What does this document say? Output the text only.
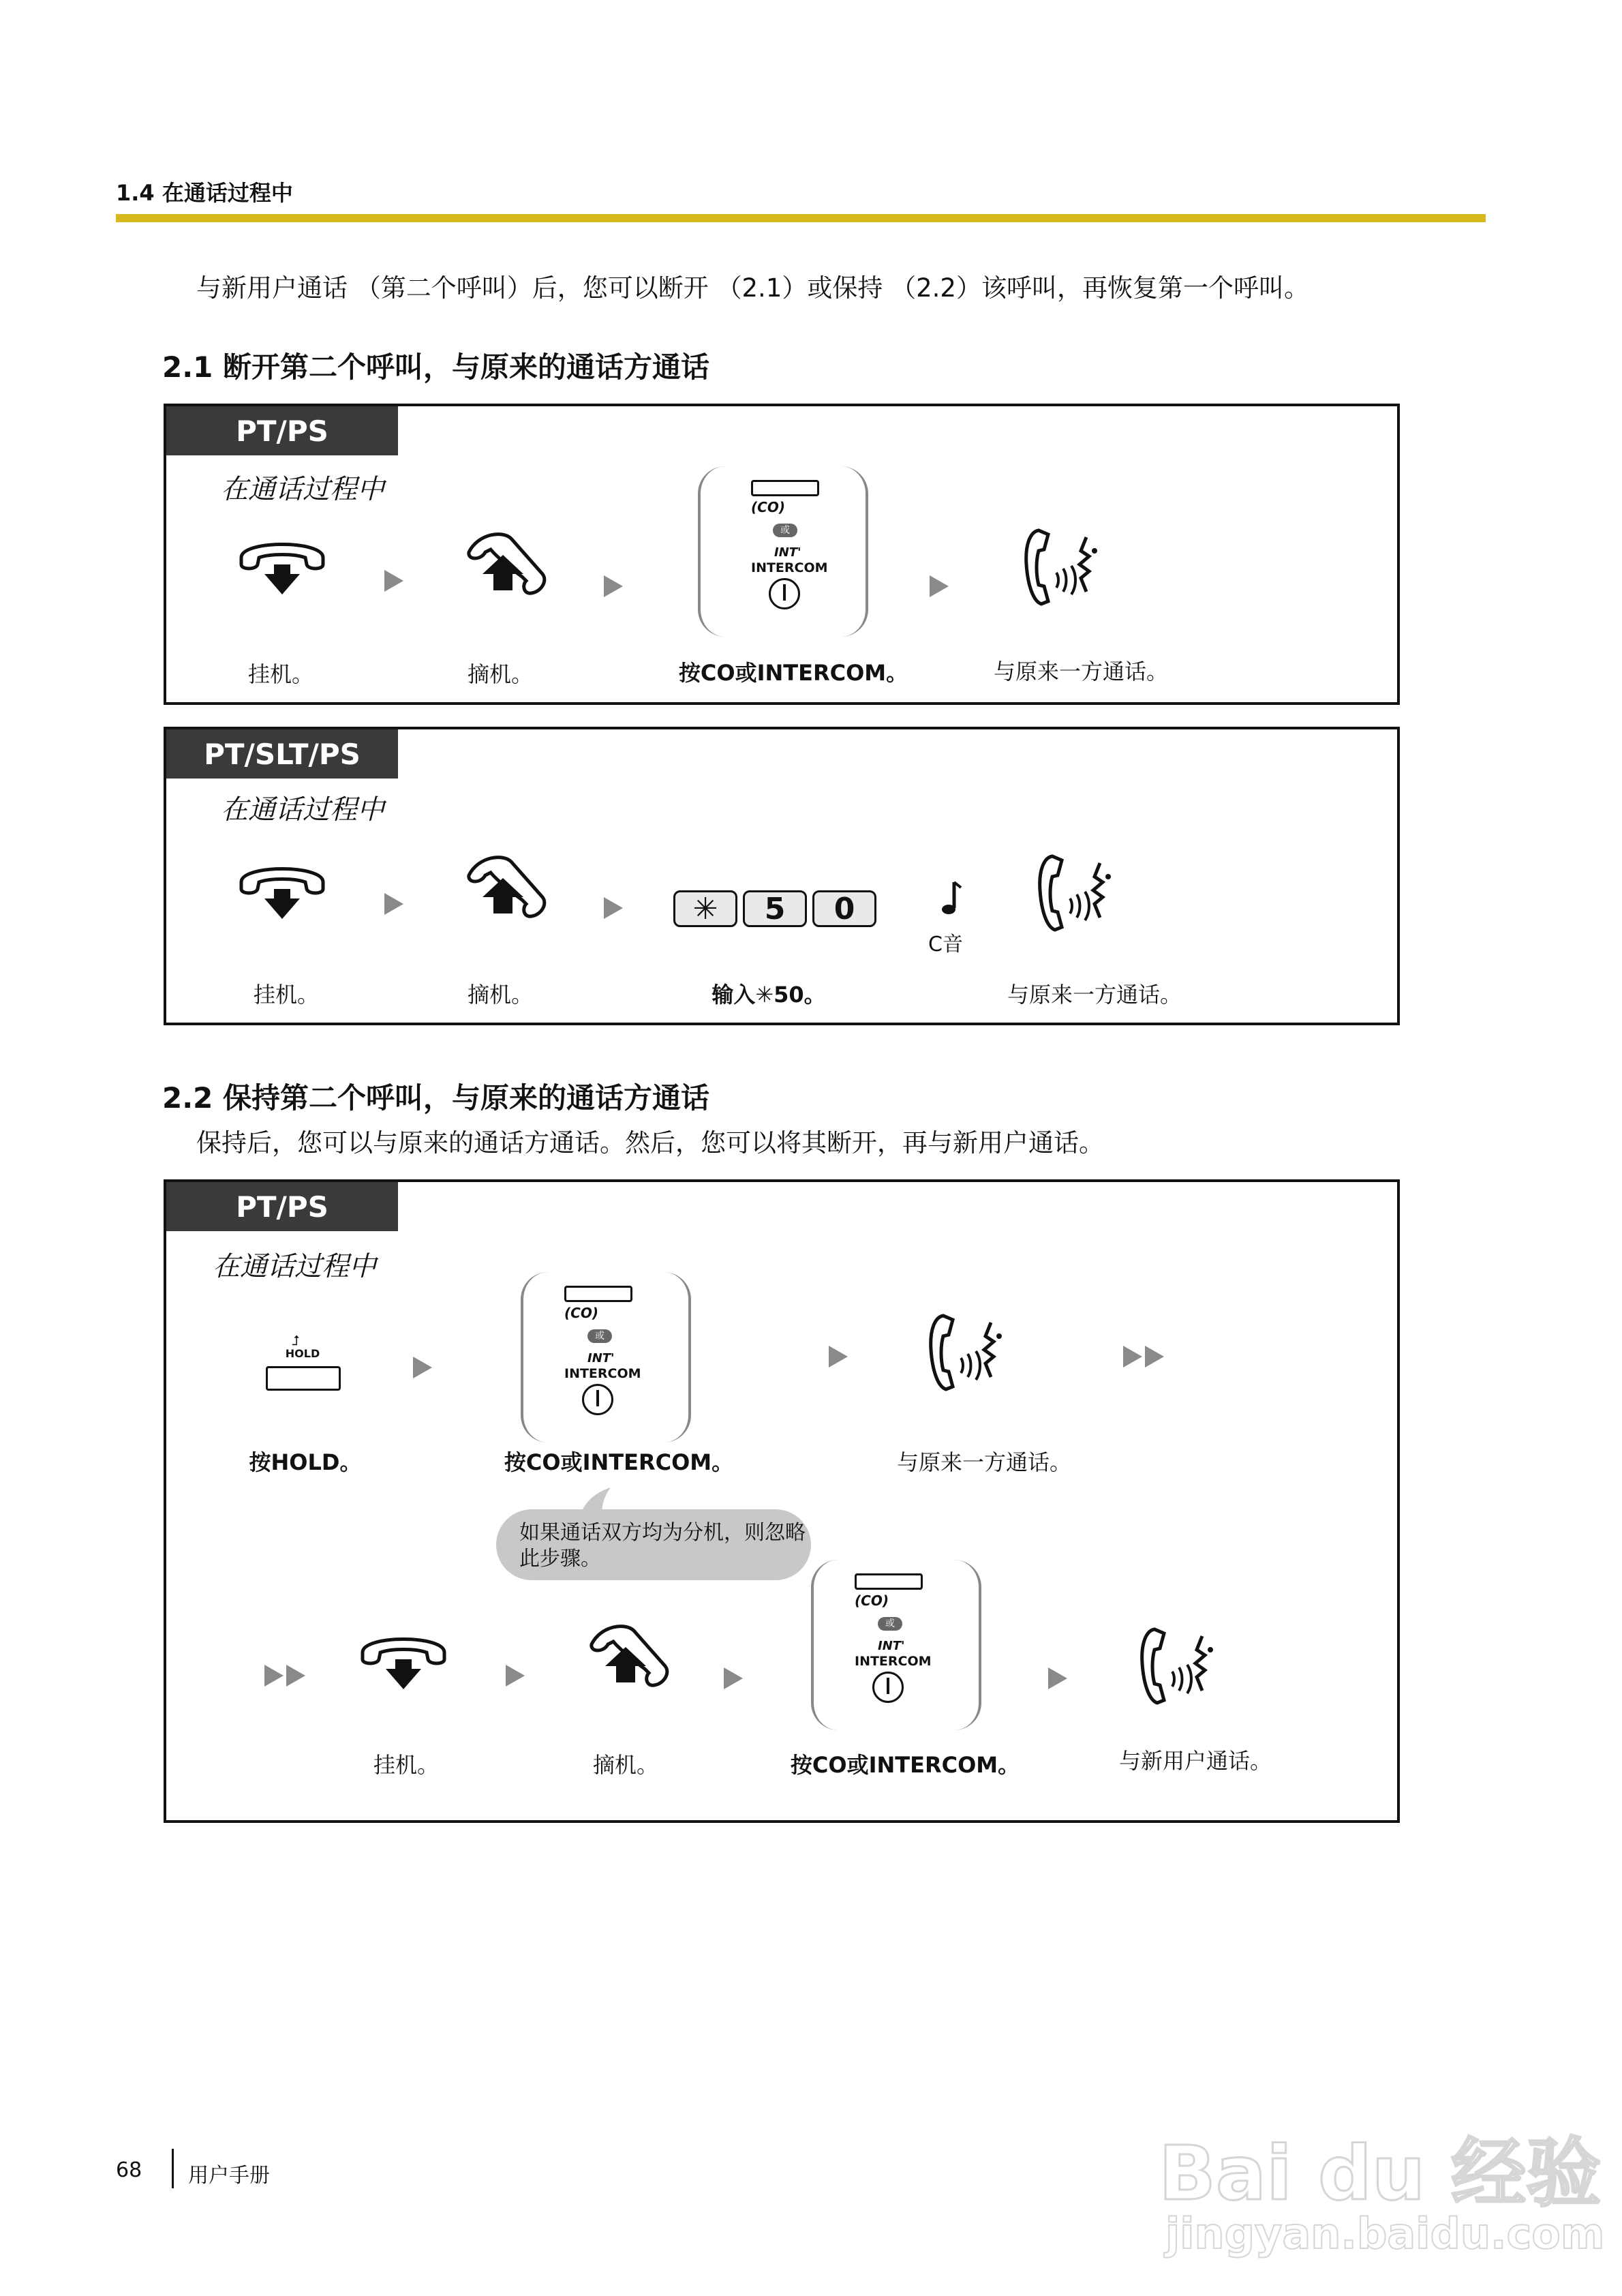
1.4 在通话过程中
与新用户通话 （第二个呼叫）后，您可以断开 （2.1）或保持 （2.2）该呼叫，再恢复第一个呼叫。
2.1 断开第二个呼叫，与原来的通话方通话
PT/PS
在通话过程中
(CO)
或
INT'
INTERCOM
挂机。	摘机。	按CO或INTERCOM。	与原来一方通话。
PT/SLT/PS
在通话过程中
✳	5	0
C音
挂机。	摘机。	输入✳50。	与原来一方通话。
2.2 保持第二个呼叫，与原来的通话方通话
保持后，您可以与原来的通话方通话。然后，您可以将其断开，再与新用户通话。
PT/PS
在通话过程中
⮥
HOLD
(CO)
或
INT'
INTERCOM
按HOLD。	按CO或INTERCOM。	与原来一方通话。
(CO)
或
INT'
INTERCOM
挂机。	摘机。	按CO或INTERCOM。	与新用户通话。
如果通话双方均为分机，则忽略此步骤。
68 用户手册	Bai du 经验
jingyan.baidu.com
